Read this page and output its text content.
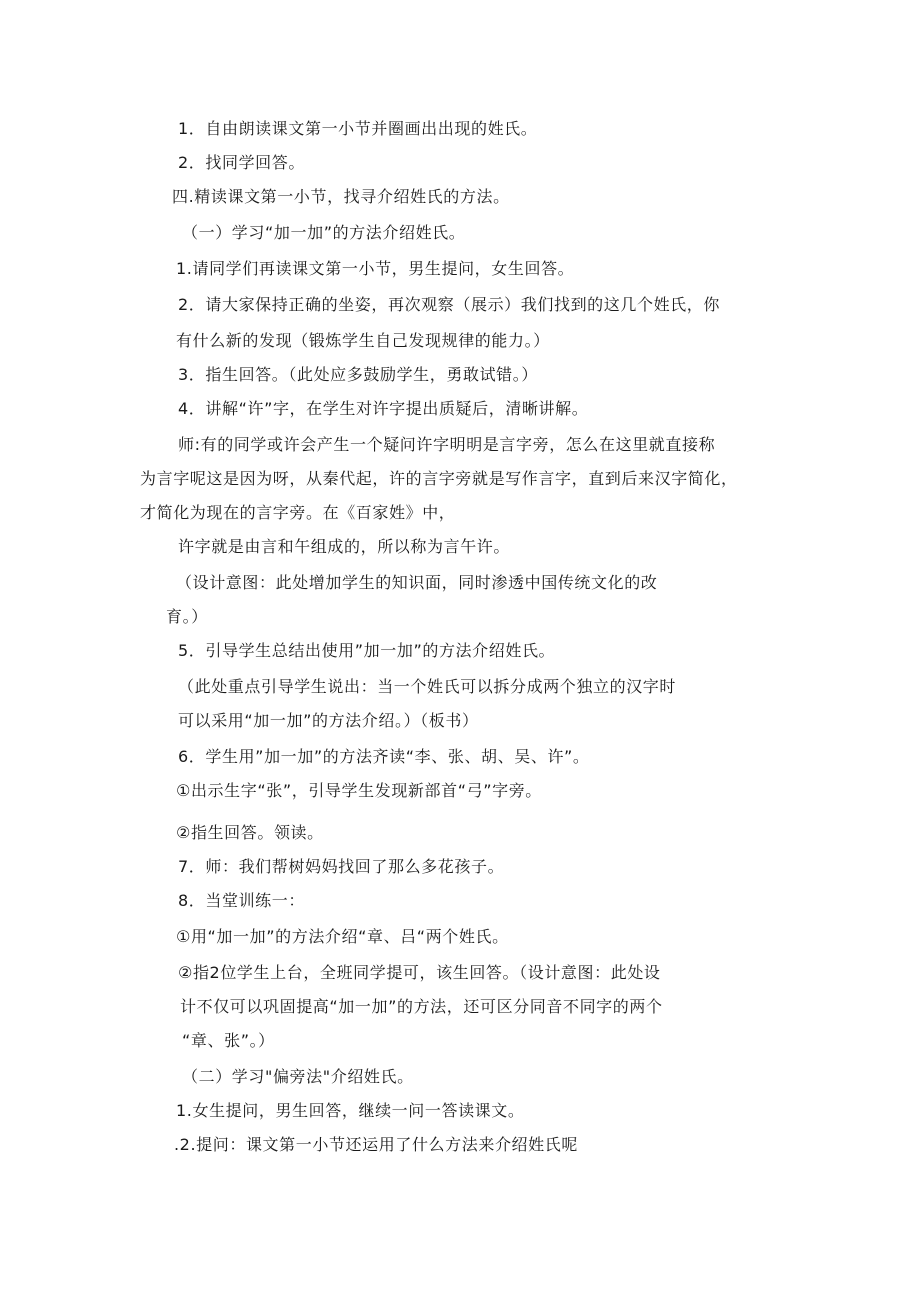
1．自由朗读课文第一小节并圈画出出现的姓氏。
2．找同学回答。
四.精读课文第一小节，找寻介绍姓氏的方法。
（一）学习“加一加”的方法介绍姓氏。
1.请同学们再读课文第一小节，男生提问，女生回答。
2．请大家保持正确的坐姿，再次观察（展示）我们找到的这几个姓氏，你
有什么新的发现（锻炼学生自己发现规律的能力。）
3．指生回答。（此处应多鼓励学生，勇敢试错。）
4．讲解“许”字，在学生对许字提出质疑后，清晰讲解。
师:有的同学或许会产生一个疑问许字明明是言字旁，怎么在这里就直接称
为言字呢这是因为呀，从秦代起，许的言字旁就是写作言字，直到后来汉字简化，
才简化为现在的言字旁。在《百家姓》中，
许字就是由言和午组成的，所以称为言午许。
（设计意图：此处增加学生的知识面，同时渗透中国传统文化的改
育。）
5．引导学生总结出使用”加一加”的方法介绍姓氏。
（此处重点引导学生说出：当一个姓氏可以拆分成两个独立的汉字时
可以采用“加一加”的方法介绍。）（板书）
6．学生用”加一加”的方法齐读“李、张、胡、吴、许”。
①出示生字“张”，引导学生发现新部首“弓”字旁。
②指生回答。领读。
7．师：我们帮树妈妈找回了那么多花孩子。
8．当堂训练一：
①用“加一加”的方法介绍“章、吕“两个姓氏。
②指2位学生上台，全班同学提可，该生回答。（设计意图：此处设
计不仅可以巩固提高“加一加”的方法，还可区分同音不同字的两个
“章、张”。）
（二）学习"偏旁法"介绍姓氏。
1.女生提问，男生回答，继续一问一答读课文。
.2.提问：课文第一小节还运用了什么方法来介绍姓氏呢
